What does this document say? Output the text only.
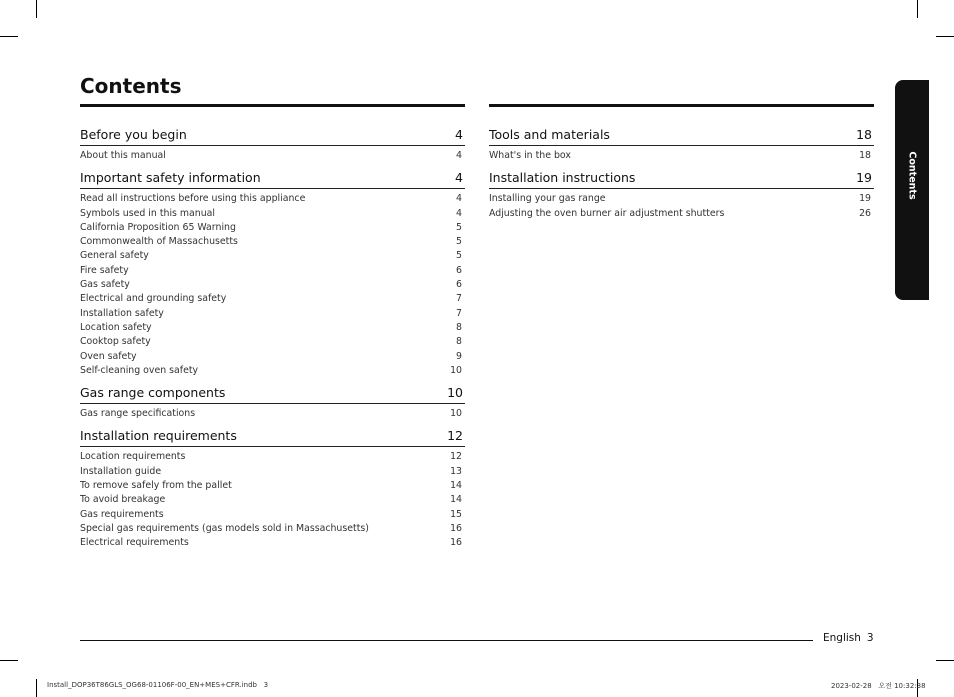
Contents
Before you begin	4
About this manual	4
Important safety information	4
Read all instructions before using this appliance	4
Symbols used in this manual	4
California Proposition 65 Warning	5
Commonwealth of Massachusetts	5
General safety	5
Fire safety	6
Gas safety	6
Electrical and grounding safety	7
Installation safety	7
Location safety	8
Cooktop safety	8
Oven safety	9
Self-cleaning oven safety	10
Gas range components	10
Gas range specifications	10
Installation requirements	12
Location requirements	12
Installation guide	13
To remove safely from the pallet	14
To avoid breakage	14
Gas requirements	15
Special gas requirements (gas models sold in Massachusetts)	16
Electrical requirements	16
Tools and materials	18
What's in the box	18
Installation instructions	19
Installing your gas range	19
Adjusting the oven burner air adjustment shutters	26
Contents
English 3
Install_DOP36T86GLS_OG68-01106F-00_EN+MES+CFR.indb   3	2023-02-28   오전 10:32:38
